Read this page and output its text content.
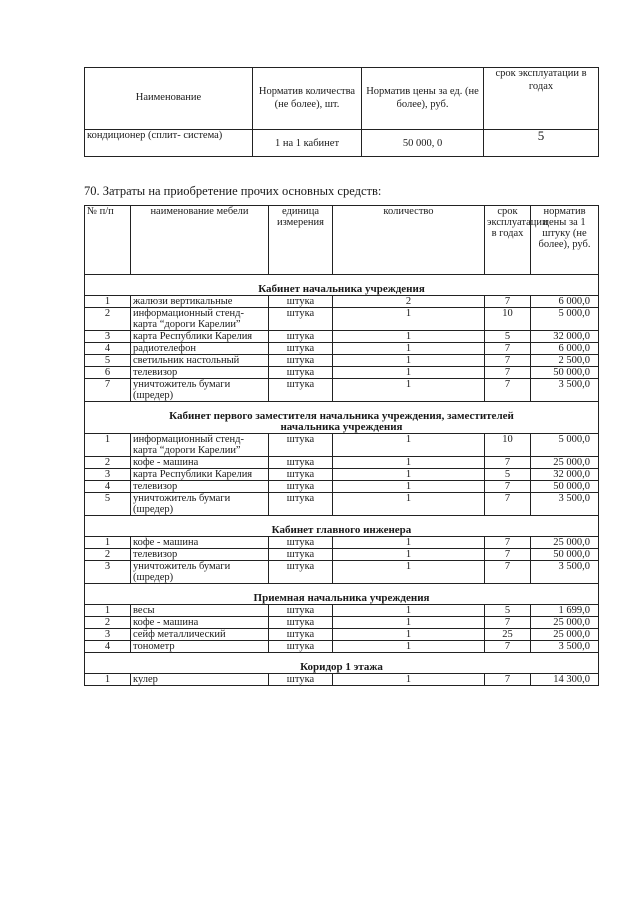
Наименование	Норматив количества (не более), шт.	Норматив цены за ед. (не более), руб.	срок эксплуатации в годах
кондиционер (сплит- система)	1 на 1 кабинет	50 000, 0	5
70. Затраты на приобретение прочих основных средств:
№ п/п	наименование мебели	единица измерения	количество	срок эксплуатации в годах	норматив цены за 1 штуку (не более), руб.

Кабинет начальника учреждения					
1	жалюзи вертикальные	штука	2	7	6 000,0
2	информационный стенд-карта “дороги Карелии”	штука	1	10	5 000,0
3	карта Республики Карелия	штука	1	5	32 000,0
4	радиотелефон	штука	1	7	6 000,0
5	светильник настольный	штука	1	7	2 500,0
6	телевизор	штука	1	7	50 000,0
7	уничтожитель бумаги (шредер)	штука	1	7	3 500,0

Кабинет первого заместителя начальника учреждения, заместителей начальника учреждения					
1	информационный стенд-карта “дороги Карелии”	штука	1	10	5 000,0
2	кофе - машина	штука	1	7	25 000,0
3	карта Республики Карелия	штука	1	5	32 000,0
4	телевизор	штука	1	7	50 000,0
5	уничтожитель бумаги (шредер)	штука	1	7	3 500,0

Кабинет главного инженера					
1	кофе - машина	штука	1	7	25 000,0
2	телевизор	штука	1	7	50 000,0
3	уничтожитель бумаги (шредер)	штука	1	7	3 500,0

Приемная начальника учреждения					
1	весы	штука	1	5	1 699,0
2	кофе - машина	штука	1	7	25 000,0
3	сейф металлический	штука	1	25	25 000,0
4	тонометр	штука	1	7	3 500,0

Коридор 1 этажа					
1	кулер	штука	1	7	14 300,0
